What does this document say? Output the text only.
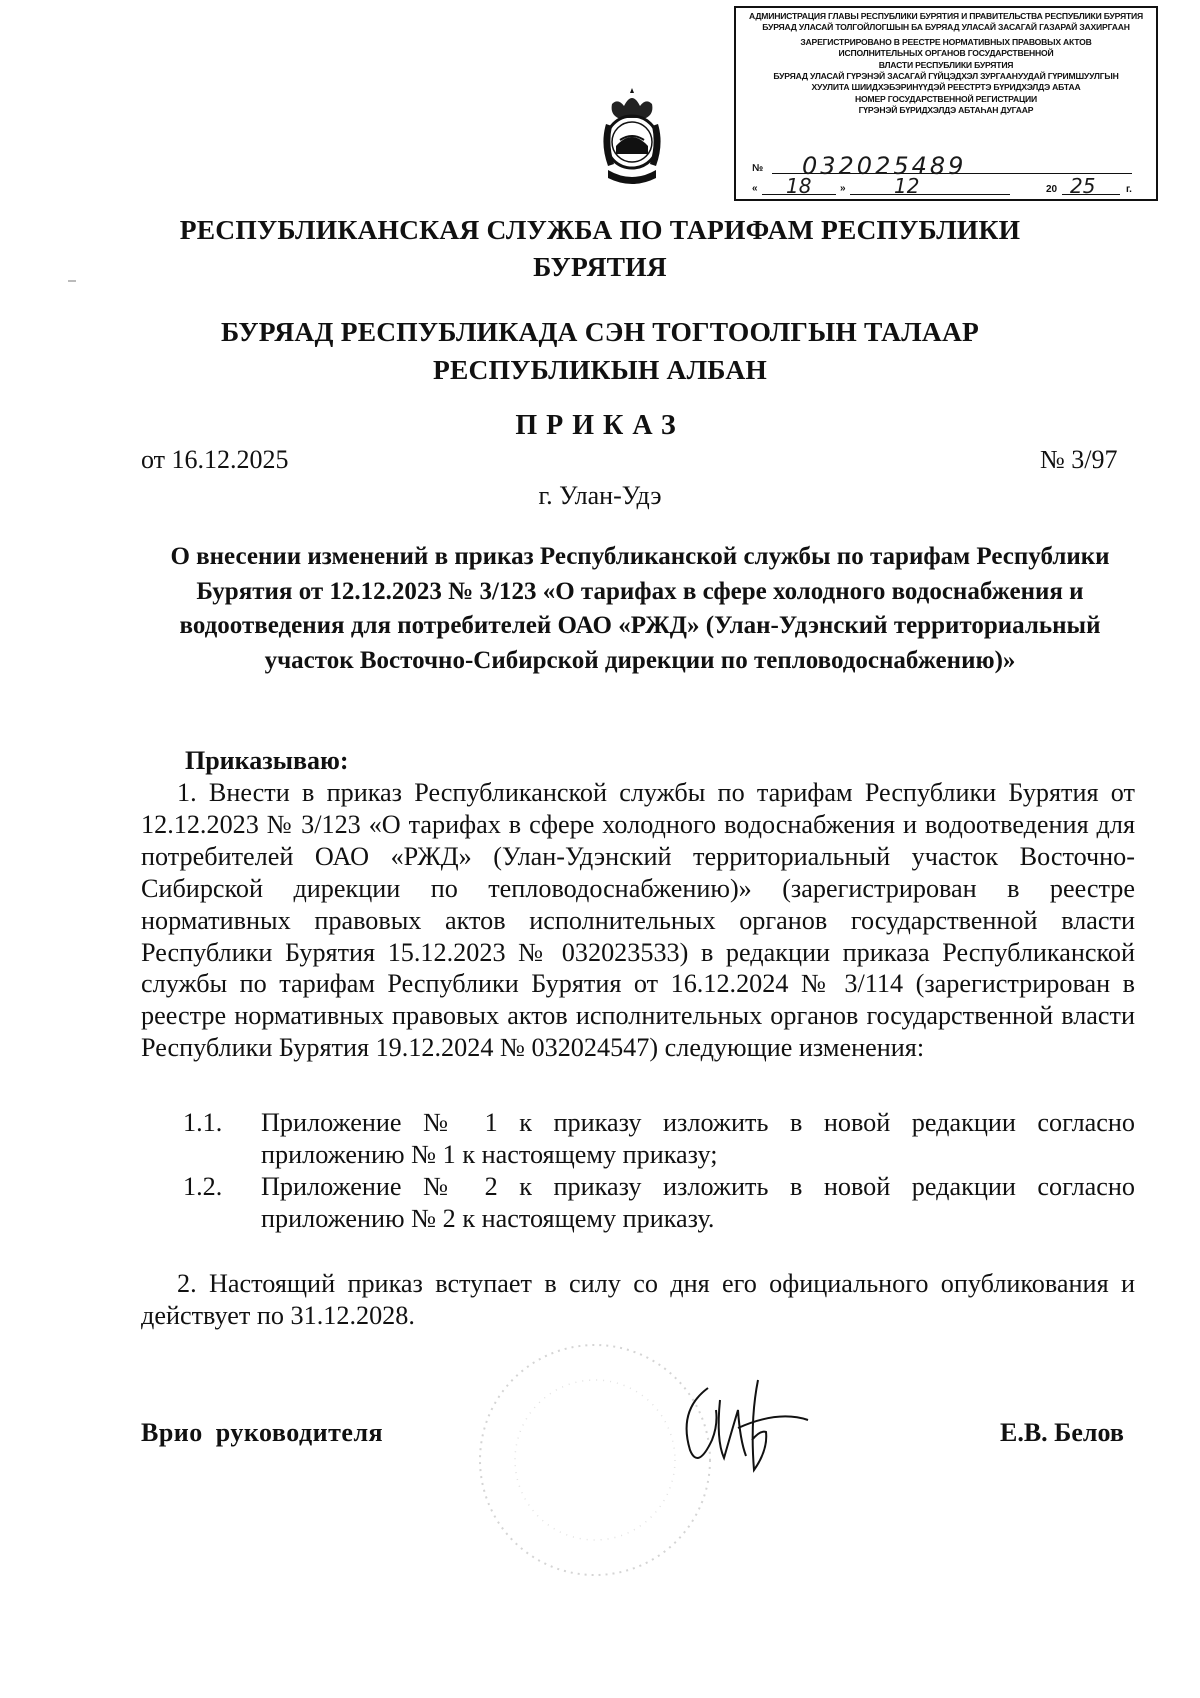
АДМИНИСТРАЦИЯ ГЛАВЫ РЕСПУБЛИКИ БУРЯТИЯ И ПРАВИТЕЛЬСТВА РЕСПУБЛИКИ БУРЯТИЯ
БУРЯАД УЛАСАЙ ТОЛГОЙЛОГШЫН БА БУРЯАД УЛАСАЙ ЗАСАГАЙ ГАЗАРАЙ ЗАХИРГААН
ЗАРЕГИСТРИРОВАНО В РЕЕСТРЕ НОРМАТИВНЫХ ПРАВОВЫХ АКТОВ
ИСПОЛНИТЕЛЬНЫХ ОРГАНОВ ГОСУДАРСТВЕННОЙ
ВЛАСТИ РЕСПУБЛИКИ БУРЯТИЯ
БУРЯАД УЛАСАЙ ГҮРЭНЭЙ ЗАСАГАЙ ГҮЙЦЭДХЭЛ ЗУРГААНУУДАЙ ГҮРИМШУУЛГЫН
ХУУЛИТА ШИИДХЭБЭРИНҮҮДЭЙ РЕЕСТРТЭ БҮРИДХЭЛДЭ АБТАА
НОМЕР ГОСУДАРСТВЕННОЙ РЕГИСТРАЦИИ
ГҮРЭНЭЙ БҮРИДХЭЛДЭ АБТАҺАН ДУГААР
№ 032025489
« 18	» 12	20 25	г.
РЕСПУБЛИКАНСКАЯ СЛУЖБА ПО ТАРИФАМ РЕСПУБЛИКИ
БУРЯТИЯ
БУРЯАД РЕСПУБЛИКАДА СЭН ТОГТООЛГЫН ТАЛААР
РЕСПУБЛИКЫН АЛБАН
ПРИКАЗ
от 16.12.2025	№ 3/97
г. Улан-Удэ
О внесении изменений в приказ Республиканской службы по тарифам Республики Бурятия от 12.12.2023 № 3/123 «О тарифах в сфере холодного водоснабжения и водоотведения для потребителей ОАО «РЖД» (Улан-Удэнский территориальный участок Восточно-Сибирской дирекции по тепловодоснабжению)»
Приказываю:

1. Внести в приказ Республиканской службы по тарифам Республики Бурятия от 12.12.2023 № 3/123 «О тарифах в сфере холодного водоснабжения и водоотведения для потребителей ОАО «РЖД» (Улан-Удэнский территориальный участок Восточно-Сибирской дирекции по тепловодоснабжению)» (зарегистрирован в реестре нормативных правовых актов исполнительных органов государственной власти Республики Бурятия 15.12.2023 № 032023533) в редакции приказа Республиканской службы по тарифам Республики Бурятия от 16.12.2024 № 3/114 (зарегистрирован в реестре нормативных правовых актов исполнительных органов государственной власти Республики Бурятия 19.12.2024 № 032024547) следующие изменения:

1.1. Приложение № 1 к приказу изложить в новой редакции согласно приложению № 1 к настоящему приказу;
1.2. Приложение № 2 к приказу изложить в новой редакции согласно приложению № 2 к настоящему приказу.

2. Настоящий приказ вступает в силу со дня его официального опубликования и действует по 31.12.2028.

Врио руководителя	Е.В. Белов
